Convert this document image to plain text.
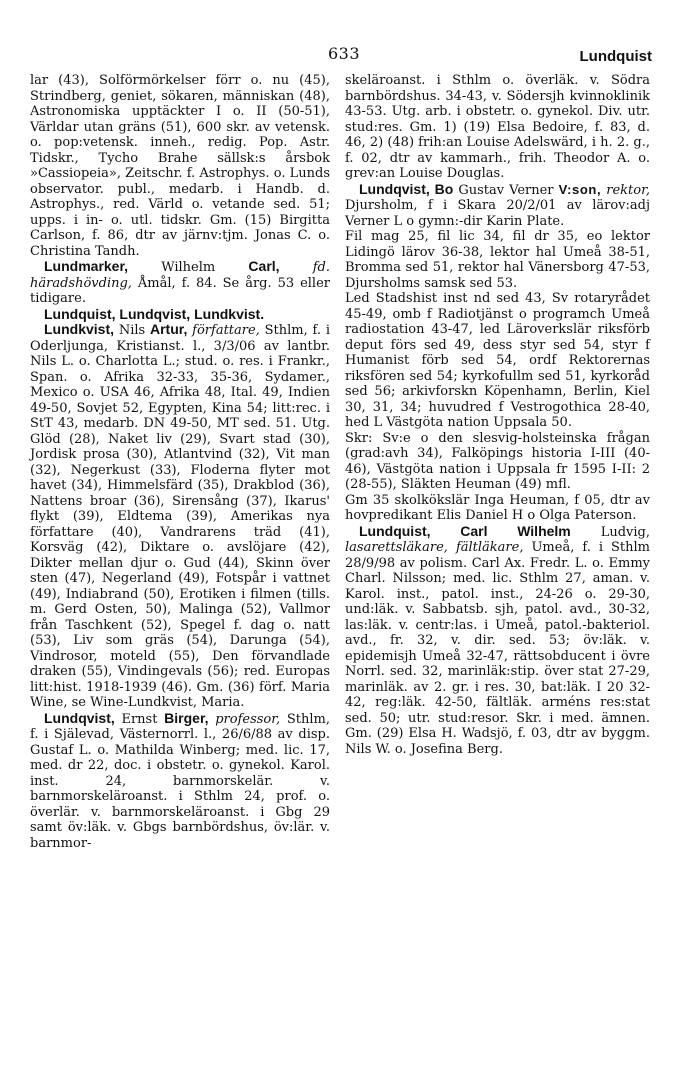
633	Lundquist

lar (43), Solförmörkelser förr o. nu (45), Strindberg, geniet, sökaren, människan (48), Astronomiska upptäckter I o. II (50-51), Världar utan gräns (51), 600 skr. av vetensk. o. pop:vetensk. inneh., redig. Pop. Astr. Tidskr., Tycho Brahe sällsk:s årsbok »Cassiopeia», Zeitschr. f. Astrophys. o. Lunds observator. publ., medarb. i Handb. d. Astrophys., red. Värld o. vetande sed. 51; upps. i in- o. utl. tidskr. Gm. (15) Birgitta Carlson, f. 86, dtr av järnv:tjm. Jonas C. o. Christina Tandh.

Lundmarker, Wilhelm Carl, fd. häradshövding, Åmål, f. 84. Se årg. 53 eller tidigare.

Lundquist, Lundqvist, Lundkvist.

Lundkvist, Nils Artur, författare, Sthlm, f. i Oderljunga, Kristianst. l., 3/3/06 av lantbr. Nils L. o. Charlotta L.; stud. o. res. i Frankr., Span. o. Afrika 32-33, 35-36, Sydamer., Mexico o. USA 46, Afrika 48, Ital. 49, Indien 49-50, Sovjet 52, Egypten, Kina 54; litt:rec. i StT 43, medarb. DN 49-50, MT sed. 51. Utg. Glöd (28), Naket liv (29), Svart stad (30), Jordisk prosa (30), Atlantvind (32), Vit man (32), Negerkust (33), Floderna flyter mot havet (34), Himmelsfärd (35), Drakblod (36), Nattens broar (36), Sirensång (37), Ikarus' flykt (39), Eldtema (39), Amerikas nya författare (40), Vandrarens träd (41), Korsväg (42), Diktare o. avslöjare (42), Dikter mellan djur o. Gud (44), Skinn över sten (47), Negerland (49), Fotspår i vattnet (49), Indiabrand (50), Erotiken i filmen (tills. m. Gerd Osten, 50), Malinga (52), Vallmor från Taschkent (52), Spegel f. dag o. natt (53), Liv som gräs (54), Darunga (54), Vindrosor, moteld (55), Den förvandlade draken (55), Vindingevals (56); red. Europas litt:hist. 1918-1939 (46). Gm. (36) förf. Maria Wine, se Wine-Lundkvist, Maria.

Lundqvist, Ernst Birger, professor, Sthlm, f. i Själevad, Västernorrl. l., 26/6/88 av disp. Gustaf L. o. Mathilda Winberg; med. lic. 17, med. dr 22, doc. i obstetr. o. gynekol. Karol. inst. 24, barnmorskelär. v. barnmorskeläroanst. i Sthlm 24, prof. o. överlär. v. barnmorskeläroanst. i Gbg 29 samt öv:läk. v. Gbgs barnbördshus, öv:lär. v. barnmor-

skeläroanst. i Sthlm o. överläk. v. Södra barnbördshus. 34-43, v. Södersjh kvinnoklinik 43-53. Utg. arb. i obstetr. o. gynekol. Div. utr. stud:res. Gm. 1) (19) Elsa Bedoire, f. 83, d. 46, 2) (48) frih:an Louise Adelswärd, i h. 2. g., f. 02, dtr av kammarh., frih. Theodor A. o. grev:an Louise Douglas.

Lundqvist, Bo Gustav Verner V:son, rektor, Djursholm, f i Skara 20/2/01 av lärov:adj Verner L o gymn:-dir Karin Plate.

Fil mag 25, fil lic 34, fil dr 35, eo lektor Lidingö lärov 36-38, lektor hal Umeå 38-51, Bromma sed 51, rektor hal Vänersborg 47-53, Djursholms samsk sed 53.

Led Stadshist inst nd sed 43, Sv rotaryrådet 45-49, omb f Radiotjänst o programch Umeå radiostation 43-47, led Läroverkslär riksförb deput förs sed 49, dess styr sed 54, styr f Humanist förb sed 54, ordf Rektorernas riksfören sed 54; kyrkofullm sed 51, kyrkoråd sed 56; arkivforskn Köpenhamn, Berlin, Kiel 30, 31, 34; huvudred f Vestrogothica 28-40, hed L Västgöta nation Uppsala 50.

Skr: Sv:e o den slesvig-holsteinska frågan (grad:avh 34), Falköpings historia I-III (40-46), Västgöta nation i Uppsala fr 1595 I-II: 2 (28-55), Släkten Heuman (49) mfl.

Gm 35 skolkökslär Inga Heuman, f 05, dtr av hovpredikant Elis Daniel H o Olga Paterson.

Lundquist, Carl Wilhelm Ludvig, lasarettsläkare, fältläkare, Umeå, f. i Sthlm 28/9/98 av polism. Carl Ax. Fredr. L. o. Emmy Charl. Nilsson; med. lic. Sthlm 27, aman. v. Karol. inst., patol. inst., 24-26 o. 29-30, und:läk. v. Sabbatsb. sjh, patol. avd., 30-32, las:läk. v. centr:las. i Umeå, patol.-bakteriol. avd., fr. 32, v. dir. sed. 53; öv:läk. v. epidemisjh Umeå 32-47, rättsobducent i övre Norrl. sed. 32, marinläk:stip. över stat 27-29, marinläk. av 2. gr. i res. 30, bat:läk. I 20 32-42, reg:läk. 42-50, fältläk. arméns res:stat sed. 50; utr. stud:resor. Skr. i med. ämnen. Gm. (29) Elsa H. Wadsjö, f. 03, dtr av byggm. Nils W. o. Josefina Berg.
